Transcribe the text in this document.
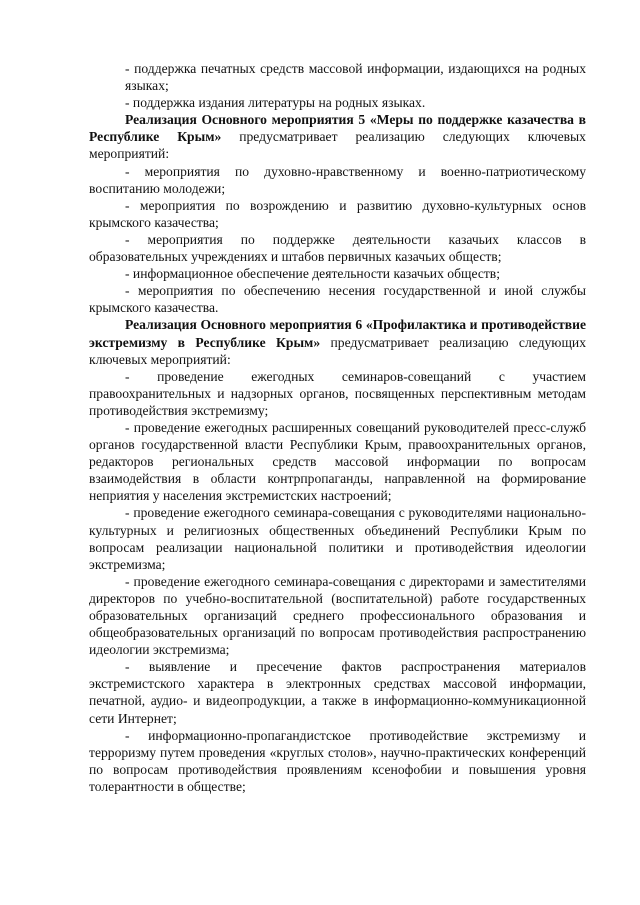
- поддержка печатных средств массовой информации, издающихся на родных языках;

- поддержка издания литературы на родных языках.

Реализация Основного мероприятия 5 «Меры по поддержке казачества в Республике Крым» предусматривает реализацию следующих ключевых мероприятий:

- мероприятия по духовно-нравственному и военно-патриотическому воспитанию молодежи;

- мероприятия по возрождению и развитию духовно-культурных основ крымского казачества;

- мероприятия по поддержке деятельности казачьих классов в образовательных учреждениях и штабов первичных казачьих обществ;

- информационное обеспечение деятельности казачьих обществ;

- мероприятия по обеспечению несения государственной и иной службы крымского казачества.

Реализация Основного мероприятия 6 «Профилактика и противодействие экстремизму в Республике Крым» предусматривает реализацию следующих ключевых мероприятий:

- проведение ежегодных семинаров-совещаний с участием правоохранительных и надзорных органов, посвященных перспективным методам противодействия экстремизму;

- проведение ежегодных расширенных совещаний руководителей пресс-служб органов государственной власти Республики Крым, правоохранительных органов, редакторов региональных средств массовой информации по вопросам взаимодействия в области контрпропаганды, направленной на формирование неприятия у населения экстремистских настроений;

- проведение ежегодного семинара-совещания с руководителями национально-культурных и религиозных общественных объединений Республики Крым по вопросам реализации национальной политики и противодействия идеологии экстремизма;

- проведение ежегодного семинара-совещания с директорами и заместителями директоров по учебно-воспитательной (воспитательной) работе государственных образовательных организаций среднего профессионального образования и общеобразовательных организаций по вопросам противодействия распространению идеологии экстремизма;

- выявление и пресечение фактов распространения материалов экстремистского характера в электронных средствах массовой информации, печатной, аудио- и видеопродукции, а также в информационно-коммуникационной сети Интернет;

- информационно-пропагандистское противодействие экстремизму и терроризму путем проведения «круглых столов», научно-практических конференций по вопросам противодействия проявлениям ксенофобии и повышения уровня толерантности в обществе;
